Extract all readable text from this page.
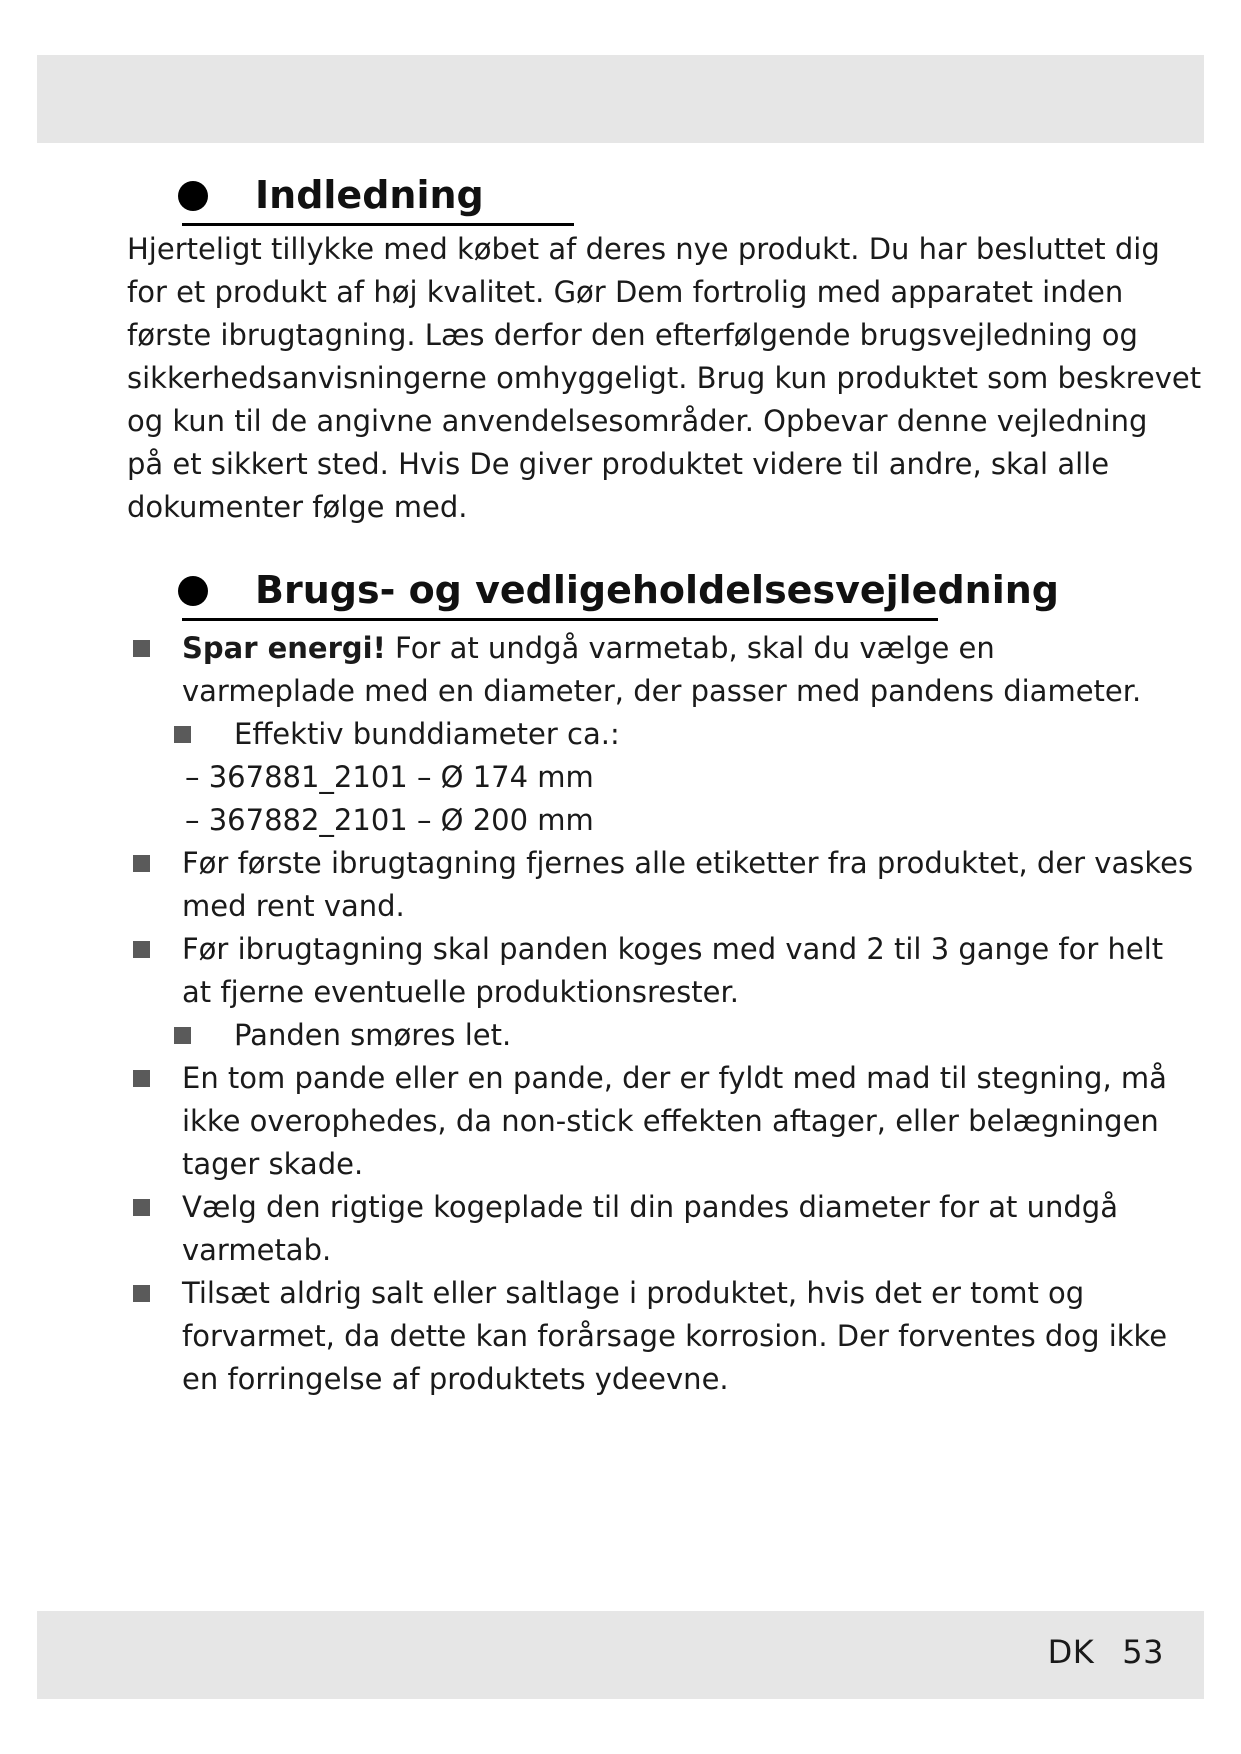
Indledning
Hjerteligt tillykke med købet af deres nye produkt. Du har besluttet dig
for et produkt af høj kvalitet. Gør Dem fortrolig med apparatet inden
første ibrugtagning. Læs derfor den efterfølgende brugsvejledning og
sikkerhedsanvisningerne omhyggeligt. Brug kun produktet som beskrevet
og kun til de angivne anvendelsesområder. Opbevar denne vejledning
på et sikkert sted. Hvis De giver produktet videre til andre, skal alle
dokumenter følge med.
Brugs- og vedligeholdelsesvejledning
Spar energi! For at undgå varmetab, skal du vælge en
varmeplade med en diameter, der passer med pandens diameter.
Effektiv bunddiameter ca.:
– 367881_2101 – Ø 174 mm
– 367882_2101 – Ø 200 mm
Før første ibrugtagning fjernes alle etiketter fra produktet, der vaskes
med rent vand.
Før ibrugtagning skal panden koges med vand 2 til 3 gange for helt
at fjerne eventuelle produktionsrester.
Panden smøres let.
En tom pande eller en pande, der er fyldt med mad til stegning, må
ikke overophedes, da non-stick effekten aftager, eller belægningen
tager skade.
Vælg den rigtige kogeplade til din pandes diameter for at undgå
varmetab.
Tilsæt aldrig salt eller saltlage i produktet, hvis det er tomt og
forvarmet, da dette kan forårsage korrosion. Der forventes dog ikke
en forringelse af produktets ydeevne.
DK 53
